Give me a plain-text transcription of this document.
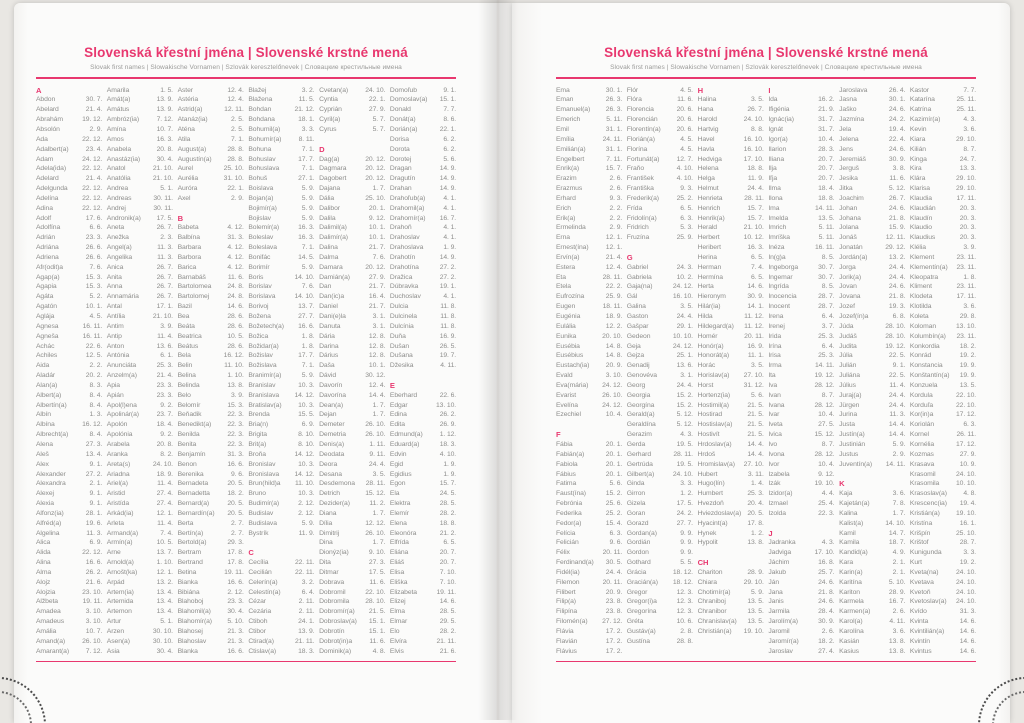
Slovenská křestní jména | Slovenské krstné mená
Slovak first names | Slowakische Vornamen | Szlovák keresztelőnevek | Словацкие крестильные имена
A
Abdon	30. 7.
Abelard	21. 4.
Abrahám	19. 12.
Absolón	2. 9.
Ada	22. 12.
Adalbert(a)	23. 4.
Adam	24. 12.
Adela(ida) 22. 12.
Adelard	21. 4.
Adelgunda 22. 12.
Adelína	22. 12.
Adina	22. 12.
Adolf	17. 6.
Adolfína	6. 6.
Adrián	23. 3.
Adriána	26. 6.
Adriena	26. 6.
Afr(odit)a	7. 6.
Agap(a)	15. 3.
Agapia	15. 3.
Agáta	5. 2.
Agatón	10. 1.
Aglája	4. 5.
Agnesa	16. 11.
Agneša	16. 11.
Achác	22. 6.
Achiles	12. 5.
Aida	2. 2.
Aladár	20. 2.
Alan(a)	8. 3.
Albert(a)	8. 4.
Albertín(a)	8. 4.
Albín	1. 3.
Albína	16. 12.
Albrecht(a)	8. 4.
Alena	27. 3.
Aleš	13. 4.
Alex	9. 1.
Alexander	27. 2.
Alexandra	2. 1.
Alexej	9. 1.
Alexia	9. 1.
Alfonz(ia)	28. 1.
Alfréd(a)	19. 6.
Algelina	11. 3.
Alica	6. 9.
Alida	22. 12.
Alina	16. 6.
Alma	26. 2.
Alojz	21. 6.
Alojzia	23. 10.
Alžbeta	19. 11.
Amadea	3. 10.
Amadeus	3. 10.
Amália	10. 7.
Amand(a)	26. 10.
Amarant(a) 7. 12.
Amarila	1. 5.
Amát(a)	13. 9.
Amátus	13. 9.
Ambróz(ia)	7. 12.
Amína	10. 7.
Amos	16. 3.
Anabela	20. 8.
Anastáz(ia) 30. 4.
Anatol	21. 10.
Anatólia	21. 10.
Andrea	5. 1.
Andreas	30. 11.
Andrej	30. 11.
Andronik(a) 17. 5.
Aneta	26. 7.
Anežka	2. 3.
Angel(a)	11. 3.
Angelika	11. 3.
Anica	26. 7.
Anita	26. 7.
Anna	26. 7.
Annamária	26. 7.
Antal	17. 1.
Antília	21. 10.
Antim	3. 9.
Antip	11. 4.
Anton	13. 6.
Antónia	6. 1.
Anunciáta	25. 3.
Anzelm(a)	21. 4.
Apia	23. 3.
Apián	23. 3.
Apol(l)ena	9. 2.
Apolinár(a)	23. 7.
Apolón	18. 4.
Apolónia	9. 2.
Arabela	20. 8.
Aranka	8. 2.
Areta(s)	24. 10.
Ariadna	18. 9.
Ariel(a)	11. 4.
Aristid	27. 4.
Aristída	27. 4.
Arkád(ia)	12. 1.
Arleta	11. 4.
Armand(a)	7. 4.
Armín(a)	10. 5.
Arne	13. 7.
Arnold(a)	1. 10.
Arnošt(ka)	12. 1.
Arpád	13. 2.
Artem(ia)	13. 4.
Artemida	13. 4.
Artemon	13. 4.
Artur	5. 1.
Arzen	30. 10.
Asen(a)	30. 10.
Asia	30. 4.
Aster	12. 4.
Astéria	12. 4.
Astrid(a)	12. 11.
Atanáz(ia)	2. 5.
Aténa	2. 5.
Atila	7. 1.
August(a)	28. 8.
Augustín(a) 28. 8.
Aurel	25. 10.
Aurélia	31. 10.
Auróra	22. 1.
Axel	2. 9.
B
Babeta	4. 12.
Balbína	31. 3.
Barbara	4. 12.
Barbora	4. 12.
Barica	4. 12.
Barnabáš	11. 6.
Bartolomea 24. 8.
Bartolomej	24. 8.
Bazil	14. 6.
Bea	28. 6.
Beáta	28. 6.
Beatrica	10. 5.
Beátus	28. 6.
Bela	16. 12.
Belin	11. 10.
Belina	1. 10.
Belinda	13. 8.
Belo	3. 9.
Belomír	15. 3.
Beňadik	22. 3.
Benedikt(a) 22. 3.
Benilda	22. 3.
Benita	22. 3.
Benjamín	31. 3.
Benon	16. 6.
Berenika	9. 6.
Bernadeta	20. 5.
Bernadetta	18. 2.
Bernard(a)	20. 5.
Bernardín(a) 20. 5.
Berta	2. 7.
Bertín(a)	2. 7.
Bertold(a)	29. 3.
Bertram	17. 8.
Bertrand	17. 8.
Betina	19. 11.
Bianka	16. 6.
Bibiána	2. 12.
Blahoboj	23. 3.
Blahomil(a) 30. 4.
Blahomír(a) 5. 10.
Blahosej	21. 3.
Blahoslav	21. 3.
Blanka	16. 6.
Blažej	3. 2.
Blažena	11. 5.
Bohdan	21. 12.
Bohdana	18. 1.
Bohumil(a)	3. 3.
Bohumír(a)	8. 11.
Bohuna	7. 1.
Bohuslav	17. 7.
Bohuslava	7. 1.
Bohuš	27. 1.
Boislava	5. 9.
Bojan(a)	5. 9.
Bojimír(a)	5. 9.
Bojislav	5. 9.
Bolemír(a)	16. 3.
Boleslav	16. 3.
Boleslava	7. 1.
Bonifác	14. 5.
Borimír	5. 9.
Boris	14. 10.
Borislav	7. 6.
Borislava	14. 10.
Borivoj	13. 7.
Božena	27. 7.
Božetech(a) 16. 6.
Božica	1. 8.
Božidar(a)	1. 8.
Božislav	17. 7.
Božislava	7. 1.
Branimír(a)	5. 9.
Branislav	10. 3.
Branislava 14. 12.
Bratislav(a) 10. 3.
Brenda	15. 5.
Bria(n)	6. 9.
Brigita	8. 10.
Brit(a)	8. 10.
Broňa	14. 12.
Bronislav	10. 3.
Bronislava 14. 12.
Brun(hild)a 11. 10.
Bruno	10. 3.
Budimír(a)	2. 12.
Budislav	2. 12.
Budislava	5. 9.
Bystrík	11. 9.
C
Cecília	22. 11.
Cecilián	22. 11.
Celerín(a)	3. 2.
Celestín(a)	6. 4.
Cézar	2. 11.
Cezária	2. 11.
Ctiboh	24. 1.
Ctibor	13. 9.
Ctirad(a)	21. 11.
Ctislav(a)	18. 3.
Cvetan(a)	24. 10.
Cyntia	22. 1.
Cyprián	27. 9.
Cyril(a)	5. 7.
Cyrus	5. 7.
D
Dag(a)	20. 12.
Dagmara	20. 12.
Dagobert	20. 12.
Dajana	1. 7.
Dália	25. 10.
Dalibor	20. 1.
Dalila	9. 12.
Dalimil(a)	10. 1.
Dalimír(a)	10. 1.
Dalina	21. 7.
Dalma	7. 6.
Damara	20. 12.
Damián(a)	27. 9.
Dan	21. 7.
Dan(ic)a	16. 4.
Daniel	21. 7.
Dani(e)la	3. 1.
Danuta	3. 1.
Dária	12. 8.
Darina	12. 8.
Dárius	12. 8.
Daša	10. 1.
Dávid	30. 12.
Davorín	12. 4.
Davorína	14. 4.
Dean(a)	1. 7.
Dejan	1. 7.
Demeter	26. 10.
Demetria	26. 10.
Denis(a)	1. 11.
Deodata	9. 11.
Deora	24. 4.
Desana	3. 5.
Desdemona 28. 11.
Detrich	15. 12.
Dezider(a)	11. 2.
Diana	1. 7.
Dília	12. 12.
Dimitrij	26. 10.
Dina	1. 7.
Dionýz(ia)	9. 10.
Dita	27. 3.
Ditmar	17. 5.
Dobrava	11. 6.
Dobromil	22. 10.
Dobromila 28. 10.
Dobromír(a) 21. 5.
Dobroslav(a) 15. 1.
Dobrotín	15. 1.
Dobrot(in)a	11. 6.
Dominik(a)	4. 8.
Domoľub	9. 1.
Domoslav(a) 15. 1.
Donald	7. 7.
Donát(a)	8. 6.
Dorián(a)	22. 1.
Dorisa	6. 2.
Dorota	6. 2.
Dorotej	5. 6.
Dragan	14. 9.
Dragutín	14. 9.
Drahan	14. 9.
Drahoľub(a)	4. 1.
Drahomil(a)	4. 1.
Drahomír(a) 16. 7.
Drahoň	4. 1.
Drahoslav	4. 1.
Drahoslava	1. 9.
Drahotín	14. 9.
Drahotína	27. 2.
Dražica	27. 2.
Dúbravka	19. 1.
Duchoslav	4. 1.
Dulcia	11. 8.
Dulcinela	11. 8.
Dulcínia	11. 8.
Duňa	16. 9.
Dušan	26. 5.
Dušana	19. 7.
Džesika	4. 11.
E
Eberhard	22. 6.
Edgar	13. 10.
Edina	26. 2.
Edita	26. 9.
Edmund(a)	1. 12.
Eduard(a)	18. 3.
Edvin	4. 10.
Egid	1. 9.
Egidius	1. 9.
Egon	15. 7.
Ela	24. 5.
Elektra	28. 5.
Elemír	28. 2.
Elena	18. 8.
Eleonóra	21. 2.
Elfrída	6. 5.
Eliána	20. 7.
Eliáš	20. 7.
Elisa	7. 10.
Eliška	7. 10.
Elizabeta	19. 11.
Elizej	14. 6.
Elma	28. 5.
Elmar	29. 5.
Elo	28. 2.
Elvíra	21. 11.
Elvis	21. 6.
Slovenská křestní jména | Slovenské krstné mená
Slovak first names | Slowakische Vornamen | Szlovák keresztelőnevek | Словацкие крестильные имена
Ema	30. 1.
Eman	26. 3.
Emanuel(a) 26. 3.
Emerich	5. 11.
Emil	31. 1.
Emília	24. 11.
Emilián(a)	31. 1.
Engelbert	7. 11.
Enrik(a)	15. 7.
Erazim	2. 6.
Erazmus	2. 6.
Erhard	9. 3.
Erich	2. 2.
Erik(a)	2. 2.
Ermelinda	2. 9.
Erna	12. 1.
Ernest(ína)	12. 1.
Ervín(a)	21. 4.
Estera	12. 4.
Eta	28. 11.
Etela	22. 2.
Eufrozína	25. 9.
Eugen	18. 11.
Eugénia	18. 9.
Eulália	12. 2.
Eunika	20. 10.
Eusébia	14. 8.
Eusébius	14. 8.
Eustach(ia) 20. 9.
Evald	3. 10.
Eva(mária) 24. 12.
Evarist	26. 10.
Evelína	24. 12.
Ezechiel	10. 4.
F
Fábia	20. 1.
Fabián(a)	20. 1.
Fabiola	20. 1.
Fábius	20. 1.
Fatima	5. 6.
Faust(ína)	15. 2.
Febrónia	25. 6.
Federika	25. 2.
Fedor(a)	15. 4.
Felícia	6. 3.
Felicián	9. 6.
Félix	20. 11.
Ferdinand(a) 30. 5.
Fidél(ia)	24. 4.
Filemon	20. 11.
Filibert	20. 9.
Filip(a)	23. 8.
Filipína	23. 8.
Filomén(a) 27. 12.
Flávia	17. 2.
Flavián	17. 2.
Flávius	17. 2.
Flór	4. 5.
Flóra	11. 6.
Florencia	20. 6.
Florencián	20. 6.
Florentín(a) 20. 6.
Florián(a)	4. 5.
Florína	4. 5.
Fortunát(a)	12. 7.
Fraňo	4. 10.
František	4. 10.
Františka	9. 3.
Frederik(a)	25. 2.
Frída	6. 5.
Fridolín(a)	6. 3.
Fridrich	5. 3.
Fruzína	25. 9.
G
Gabriel	24. 3.
Gabriela	10. 2.
Gaja(na)	24. 12.
Gál	16. 10.
Galina	3. 5.
Gaston	24. 4.
Gašpar	29. 1.
Gedeon	10. 10.
Geja	24. 12.
Gejza	25. 1.
Genadij	13. 6.
Genovéva	3. 1.
Georg	24. 4.
Georgia	15. 2.
Georgína	15. 2.
Gerald(a)	5. 12.
Geraldína	5. 12.
Gerazim	4. 3.
Gerda	19. 5.
Gerhard	28. 11.
Gertrúda	19. 5.
Gilbert(a)	24. 10.
Ginda	3. 3.
Girron	1. 2.
Gizela	17. 5.
Goran	24. 2.
Gorazd	27. 7.
Gordan(a)	9. 9.
Gordián	9. 9.
Gordon	9. 9.
Gothard	5. 5.
Grácia	18. 12.
Gracián(a) 18. 12.
Gregor	12. 3.
Gregor(i)a	12. 3.
Gregorína	12. 3.
Gréta	10. 6.
Gustáv(a)	2. 8.
Gustína	28. 8.
H
Halina	3. 5.
Hana	26. 7.
Harold	24. 10.
Hartvig	8. 8.
Havel	16. 10.
Havla	16. 10.
Hedviga	17. 10.
Helena	18. 8.
Helga	11. 9.
Helmut	24. 4.
Henrieta	28. 11.
Henrich	15. 7.
Henrik(a)	15. 7.
Herald	21. 10.
Herbert	10. 12.
Heribert	16. 3.
Herina	6. 5.
Herman	7. 4.
Hermína	6. 5.
Herta	14. 6.
Hieronym	30. 9.
Hilár(ia)	14. 1.
Hilda	11. 12.
Hildegard(a) 11. 12.
Homér	20. 11.
Honór(a)	16. 9.
Honorát(a)	11. 1.
Horác	3. 5.
Horislav(a) 27. 10.
Horst	31. 12.
Hortenz(ia)	5. 6.
Hostimil(a)	21. 5.
Hostirad	21. 5.
Hostislav(a) 21. 5.
Hostivít	21. 5.
Hrdoslav(a) 14. 4.
Hrdoš	14. 4.
Hromislav(a) 27. 10.
Hubert	3. 11.
Hugo(lín)	1. 4.
Humbert	25. 3.
Hvezdoň	20. 4.
Hviezdoslav(a) 20. 5.
Hyacint(a)	17. 8.
Hynek	1. 2.
Hypolit	13. 8.
CH
Chariton	28. 9.
Chiara	29. 10.
Chotimír(a)	5. 9.
Chraniboj	13. 5.
Chranibor	13. 5.
Chranislav(a) 13. 5.
Christián(a) 19. 10.
I
Ida	16. 2.
Ifigénia	21. 9.
Ignác(ia)	31. 7.
Ignát	31. 7.
Igor(a)	10. 4.
Ilarion	28. 3.
Iliana	20. 7.
Ilja	20. 7.
Iľja	20. 7.
Ilma	18. 4.
Ilona	18. 8.
Ima	14. 11.
Imelda	13. 5.
Imrich	5. 11.
Imríška	5. 11.
Inéza	16. 11.
In(g)a	8. 5.
Ingeborga	30. 7.
Ingemar	30. 7.
Ingrída	8. 5.
Inocencia	28. 7.
Inocent	28. 7.
Irena	6. 4.
Irenej	3. 7.
Irida	25. 3.
Irína	6. 4.
Irisa	25. 3.
Irma	14. 11.
Ita	19. 12.
Iva	28. 12.
Ivan	8. 7.
Ivana	28. 12.
Ivar	10. 4.
Iveta	27. 5.
Ivica	15. 12.
Ivo	8. 7.
Ivona	28. 12.
Ivor	10. 4.
Izabela	9. 12.
Izák	19. 10.
Izidor(a)	4. 4.
Izmael	25. 4.
Izolda	22. 3.
J
Jadranka	4. 3.
Jadviga	17. 10.
Jáchim	16. 8.
Jakub	25. 7.
Ján	24. 6.
Jana	21. 8.
Janis	24. 6.
Jarmila	28. 4.
Jarolím(a)	30. 9.
Jaromil	2. 6.
Jaromír(a)	18. 2.
Jaroslav	27. 4.
Jaroslava	26. 4.
Jasna	30. 1.
Jaško	24. 6.
Jazmína	24. 2.
Jela	19. 4.
Jelena	22. 4.
Jens	24. 6.
Jeremiáš	30. 9.
Jerguš	3. 8.
Jesika	11. 6.
Jitka	5. 12.
Joachim	26. 7.
Johan	24. 6.
Johana	21. 8.
Jolana	15. 9.
Jonáš	12. 11.
Jonatán	29. 12.
Jordán(a)	13. 2.
Jorga	24. 4.
Jorik(a)	24. 4.
Jovan	24. 6.
Jovana	21. 8.
Jozef	19. 3.
Jozef(ín)a	6. 8.
Júda	28. 10.
Judáš	28. 10.
Judita	19. 12.
Júlia	22. 5.
Julián	9. 1.
Juliána	22. 5.
Július	11. 4.
Juraj(a)	24. 4.
Jürgen	24. 4.
Jurina	11. 3.
Justa	14. 4.
Justín(a)	14. 4.
Justinián	5. 9.
Justus	2. 9.
Juventín(a) 14. 11.
K
Kaja	3. 6.
Kajetán(a)	7. 8.
Kalina	1. 7.
Kalist(a)	14. 10.
Kamil	14. 7.
Kamila	18. 7.
Kandid(a)	4. 9.
Kara	2. 1.
Karin(a)	2. 1.
Karitína	5. 10.
Kariton	28. 9.
Karmela	16. 7.
Karmen(a)	2. 6.
Karol(a)	4. 11.
Karolína	3. 6.
Kasián	13. 8.
Kasius	13. 8.
Kastor	7. 7.
Katarína	25. 11.
Katrína	25. 11.
Kazimír(a)	4. 3.
Kevin	3. 6.
Kiara	29. 10.
Kilián	8. 7.
Kinga	24. 7.
Kira	13. 3.
Klára	29. 10.
Klarisa	29. 10.
Klaudia	17. 11.
Klaudián	20. 3.
Klaudín	20. 3.
Klaudio	20. 3.
Klaudius	20. 3.
Klélia	3. 9.
Klement	23. 11.
Klementín(a) 23. 11.
Kleopatra	1. 8.
Kliment	23. 11.
Klodeta	17. 11.
Klotilda	3. 6.
Koleta	29. 8.
Koloman	13. 10.
Kolumbín(a) 23. 11.
Konkordia	18. 2.
Konrád	19. 2.
Konstancia	19. 9.
Konštantín(a) 19. 9.
Konzuela	13. 5.
Kordula	22. 10.
Korduľa	22. 10.
Kor(in)a	17. 12.
Koriolán	6. 3.
Kornel	26. 11.
Kornélia	17. 12.
Kozmas	27. 9.
Krasava	10. 9.
Krasomil	24. 10.
Krasomila 10. 10.
Krasoslav(a) 4. 8.
Krescenc(ia) 19. 4.
Kristián(a) 19. 10.
Kristína	16. 1.
Krišpín	25. 10.
Krištof	28. 7.
Kunigunda	3. 3.
Kurt	19. 2.
Kveta(na)	24. 10.
Kvetava	24. 10.
Kvetoň	24. 10.
Kvetoslav(a) 24. 10.
Kvído	31. 3.
Kvinta	14. 6.
Kvintilián(a) 14. 6.
Kvintín	14. 6.
Kvintus	14. 6.
